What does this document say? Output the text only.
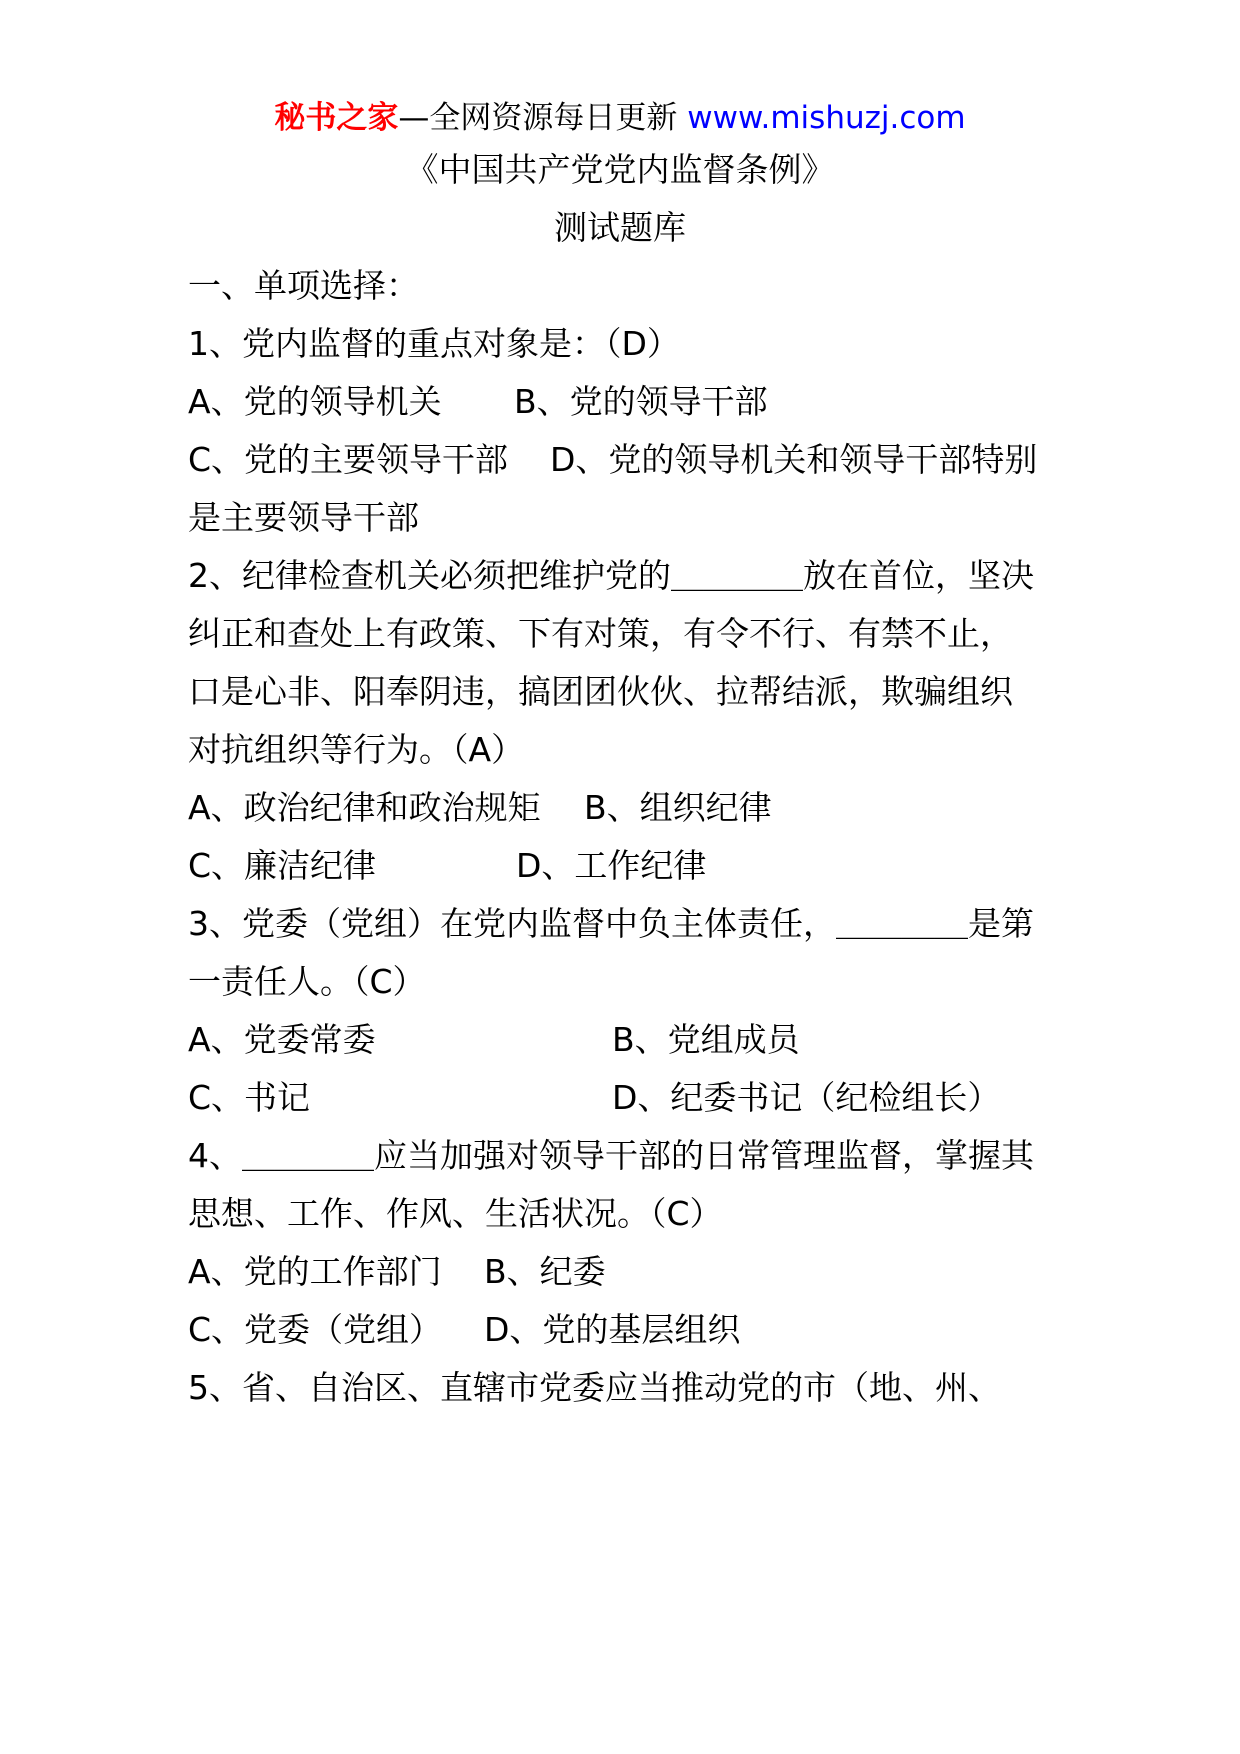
秘书之家—全网资源每日更新 www.mishuzj.com
《中国共产党党内监督条例》
测试题库
一、单项选择：
1、党内监督的重点对象是：（D）
A、党的领导机关 B、党的领导干部
C、党的主要领导干部 D、党的领导机关和领导干部特别
是主要领导干部
2、纪律检查机关必须把维护党的＿＿＿＿放在首位，坚决
纠正和查处上有政策、下有对策，有令不行、有禁不止，
口是心非、阳奉阴违，搞团团伙伙、拉帮结派，欺骗组织
对抗组织等行为。（A）
A、政治纪律和政治规矩 B、组织纪律
C、廉洁纪律	D、工作纪律
3、党委（党组）在党内监督中负主体责任，＿＿＿＿是第
一责任人。（C）
A、党委常委	B、党组成员
C、书记	D、纪委书记（纪检组长）
4、＿＿＿＿应当加强对领导干部的日常管理监督，掌握其
思想、工作、作风、生活状况。（C）
A、党的工作部门 B、纪委
C、党委（党组） D、党的基层组织
5、省、自治区、直辖市党委应当推动党的市（地、州、
